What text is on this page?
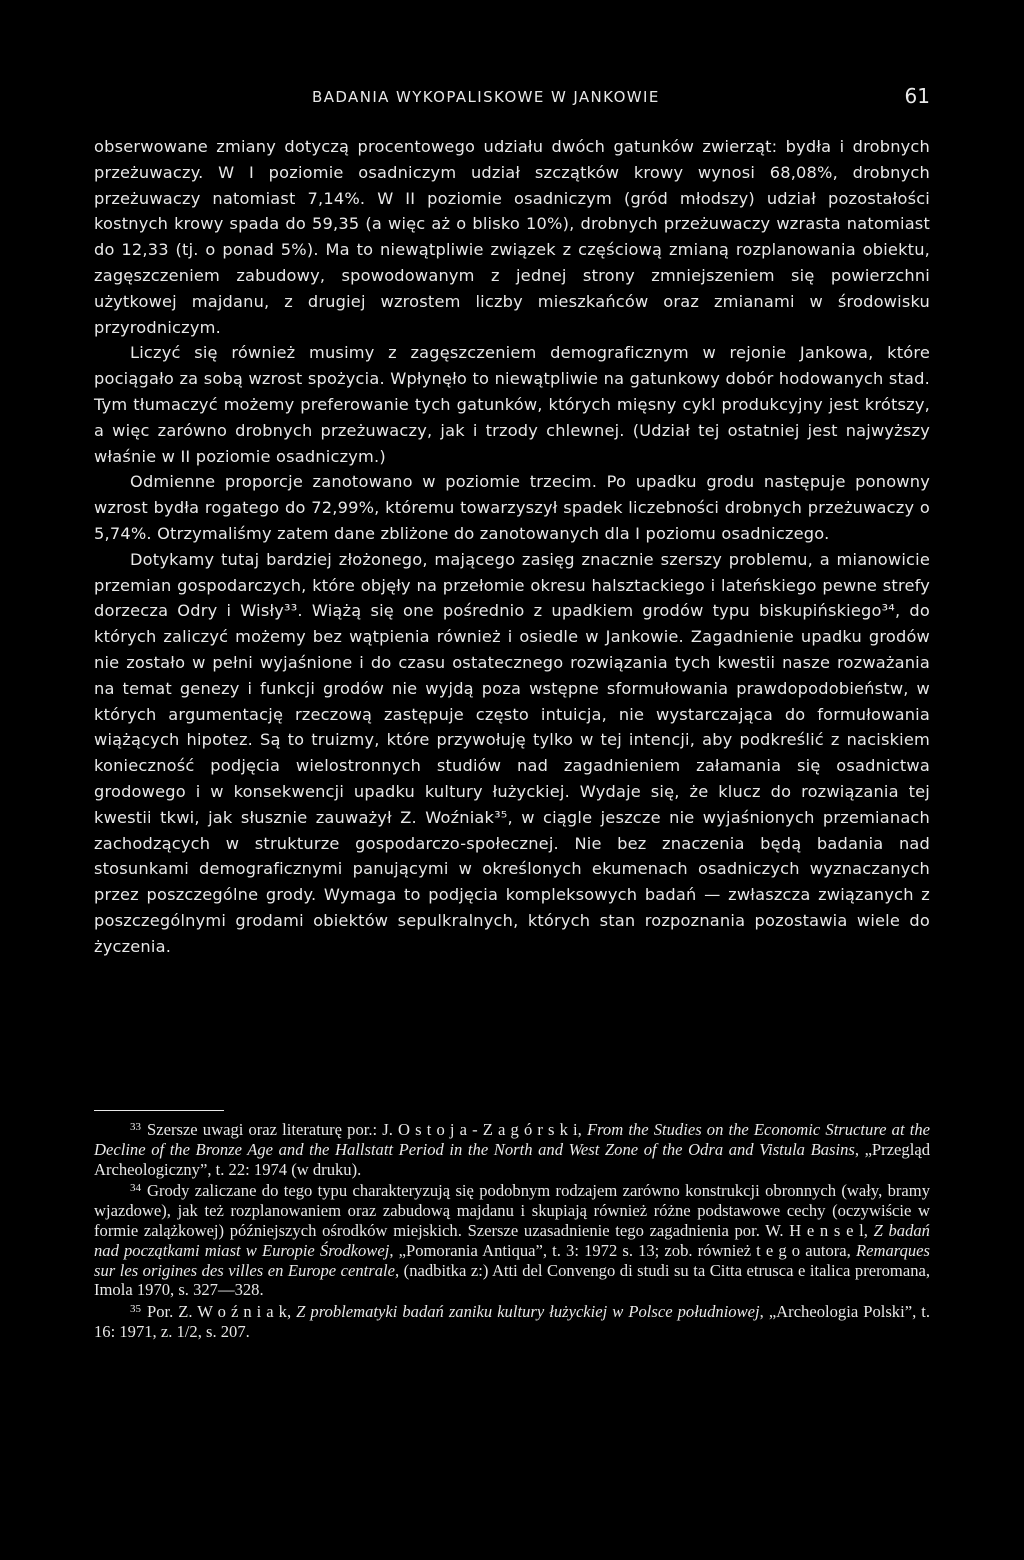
BADANIA WYKOPALISKOWE W JANKOWIE	61

obserwowane zmiany dotyczą procentowego udziału dwóch gatunków zwierząt: bydła i drobnych przeżuwaczy. W I poziomie osadniczym udział szczątków krowy wynosi 68,08%, drobnych przeżuwaczy natomiast 7,14%. W II poziomie osadniczym (gród młodszy) udział pozostałości kostnych krowy spada do 59,35 (a więc aż o blisko 10%), drobnych przeżuwaczy wzrasta natomiast do 12,33 (tj. o ponad 5%). Ma to niewątpliwie związek z częściową zmianą rozplanowania obiektu, zagęszczeniem zabudowy, spowodowanym z jednej strony zmniejszeniem się powierzchni użytkowej majdanu, z drugiej wzrostem liczby mieszkańców oraz zmianami w środowisku przyrodniczym.

Liczyć się również musimy z zagęszczeniem demograficznym w rejonie Jankowa, które pociągało za sobą wzrost spożycia. Wpłynęło to niewątpliwie na gatunkowy dobór hodowanych stad. Tym tłumaczyć możemy preferowanie tych gatunków, których mięsny cykl produkcyjny jest krótszy, a więc zarówno drobnych przeżuwaczy, jak i trzody chlewnej. (Udział tej ostatniej jest najwyższy właśnie w II poziomie osadniczym.)

Odmienne proporcje zanotowano w poziomie trzecim. Po upadku grodu następuje ponowny wzrost bydła rogatego do 72,99%, któremu towarzyszył spadek liczebności drobnych przeżuwaczy o 5,74%. Otrzymaliśmy zatem dane zbliżone do zanotowanych dla I poziomu osadniczego.

Dotykamy tutaj bardziej złożonego, mającego zasięg znacznie szerszy problemu, a mianowicie przemian gospodarczych, które objęły na przełomie okresu halsztackiego i lateńskiego pewne strefy dorzecza Odry i Wisły³³. Wiążą się one pośrednio z upadkiem grodów typu biskupińskiego³⁴, do których zaliczyć możemy bez wątpienia również i osiedle w Jankowie. Zagadnienie upadku grodów nie zostało w pełni wyjaśnione i do czasu ostatecznego rozwiązania tych kwestii nasze rozważania na temat genezy i funkcji grodów nie wyjdą poza wstępne sformułowania prawdopodobieństw, w których argumentację rzeczową zastępuje często intuicja, nie wystarczająca do formułowania wiążących hipotez. Są to truizmy, które przywołuję tylko w tej intencji, aby podkreślić z naciskiem konieczność podjęcia wielostronnych studiów nad zagadnieniem załamania się osadnictwa grodowego i w konsekwencji upadku kultury łużyckiej. Wydaje się, że klucz do rozwiązania tej kwestii tkwi, jak słusznie zauważył Z. Woźniak³⁵, w ciągle jeszcze nie wyjaśnionych przemianach zachodzących w strukturze gospodarczo-społecznej. Nie bez znaczenia będą badania nad stosunkami demograficznymi panującymi w określonych ekumenach osadniczych wyznaczanych przez poszczególne grody. Wymaga to podjęcia kompleksowych badań — zwłaszcza związanych z poszczególnymi grodami obiektów sepulkralnych, których stan rozpoznania pozostawia wiele do życzenia.

$^{33}$ Szersze uwagi oraz literaturę por.: J. O s t o j a - Z a g ó r s k i, From the Studies on the Economic Structure at the Decline of the Bronze Age and the Hallstatt Period in the North and West Zone of the Odra and Vistula Basins, „Przegląd Archeologiczny”, t. 22: 1974 (w druku).

$^{34}$ Grody zaliczane do tego typu charakteryzują się podobnym rodzajem zarówno konstrukcji obronnych (wały, bramy wjazdowe), jak też rozplanowaniem oraz zabudową majdanu i skupiają również różne podstawowe cechy (oczywiście w formie zalążkowej) późniejszych ośrodków miejskich. Szersze uzasadnienie tego zagadnienia por. W. H e n s e l, Z badań nad początkami miast w Europie Środkowej, „Pomorania Antiqua”, t. 3: 1972 s. 13; zob. również t e g o autora, Remarques sur les origines des villes en Europe centrale, (nadbitka z:) Atti del Convengo di studi su ta Citta etrusca e italica preromana, Imola 1970, s. 327—328.

$^{35}$ Por. Z. W o ź n i a k, Z problematyki badań zaniku kultury łużyckiej w Polsce południowej, „Archeologia Polski”, t. 16: 1971, z. 1/2, s. 207.
